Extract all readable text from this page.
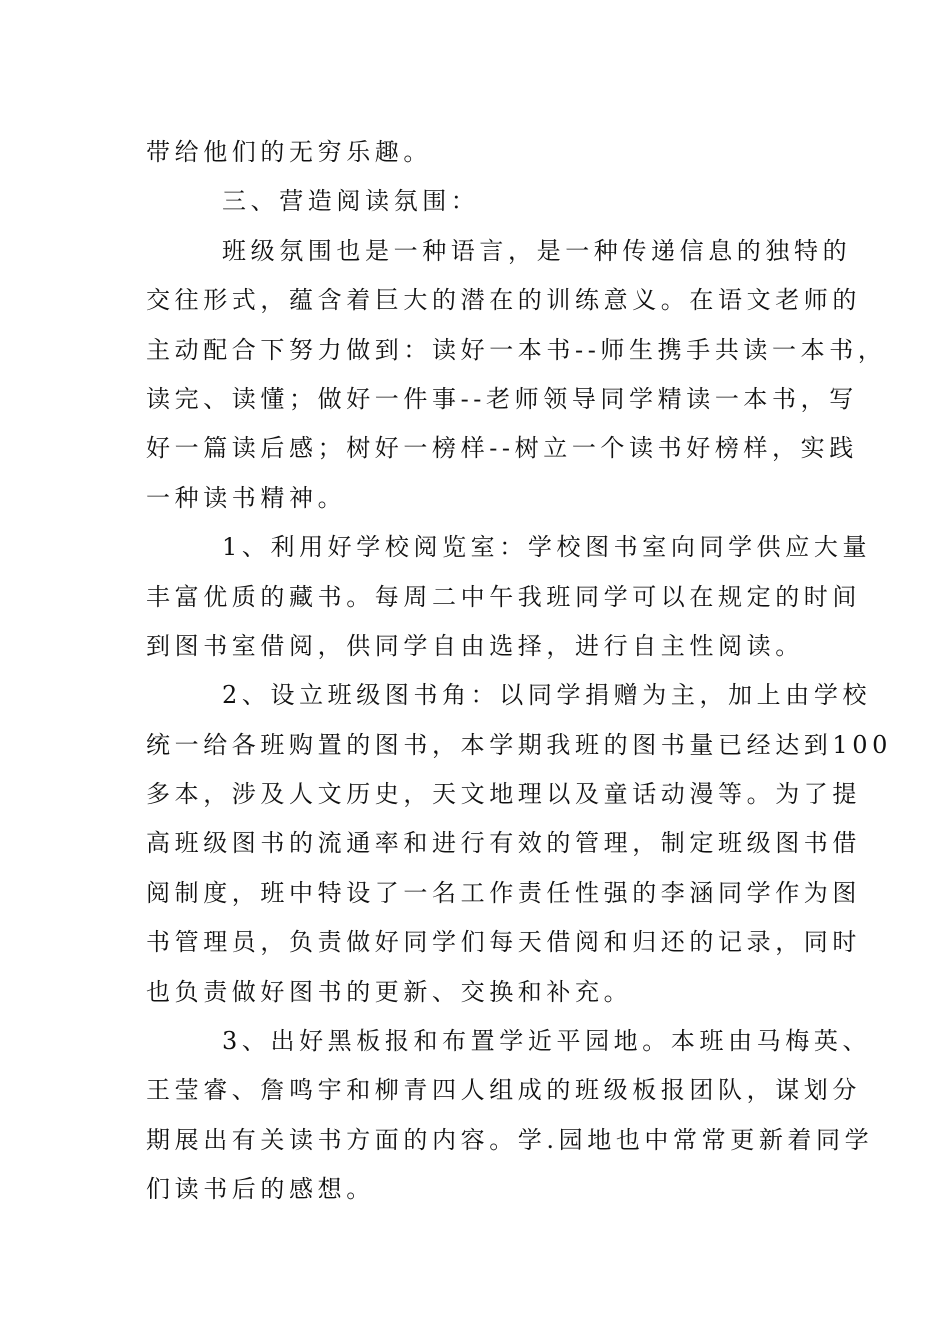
带给他们的无穷乐趣。
三、营造阅读氛围：
班级氛围也是一种语言，是一种传递信息的独特的
交往形式，蕴含着巨大的潜在的训练意义。在语文老师的
主动配合下努力做到：读好一本书--师生携手共读一本书，
读完、读懂；做好一件事--老师领导同学精读一本书，写
好一篇读后感；树好一榜样--树立一个读书好榜样，实践
一种读书精神。
1、利用好学校阅览室：学校图书室向同学供应大量
丰富优质的藏书。每周二中午我班同学可以在规定的时间
到图书室借阅，供同学自由选择，进行自主性阅读。
2、设立班级图书角：以同学捐赠为主，加上由学校
统一给各班购置的图书，本学期我班的图书量已经达到100
多本，涉及人文历史，天文地理以及童话动漫等。为了提
高班级图书的流通率和进行有效的管理，制定班级图书借
阅制度，班中特设了一名工作责任性强的李涵同学作为图
书管理员，负责做好同学们每天借阅和归还的记录，同时
也负责做好图书的更新、交换和补充。
3、出好黑板报和布置学近平园地。本班由马梅英、
王莹睿、詹鸣宇和柳青四人组成的班级板报团队，谋划分
期展出有关读书方面的内容。学.园地也中常常更新着同学
们读书后的感想。
